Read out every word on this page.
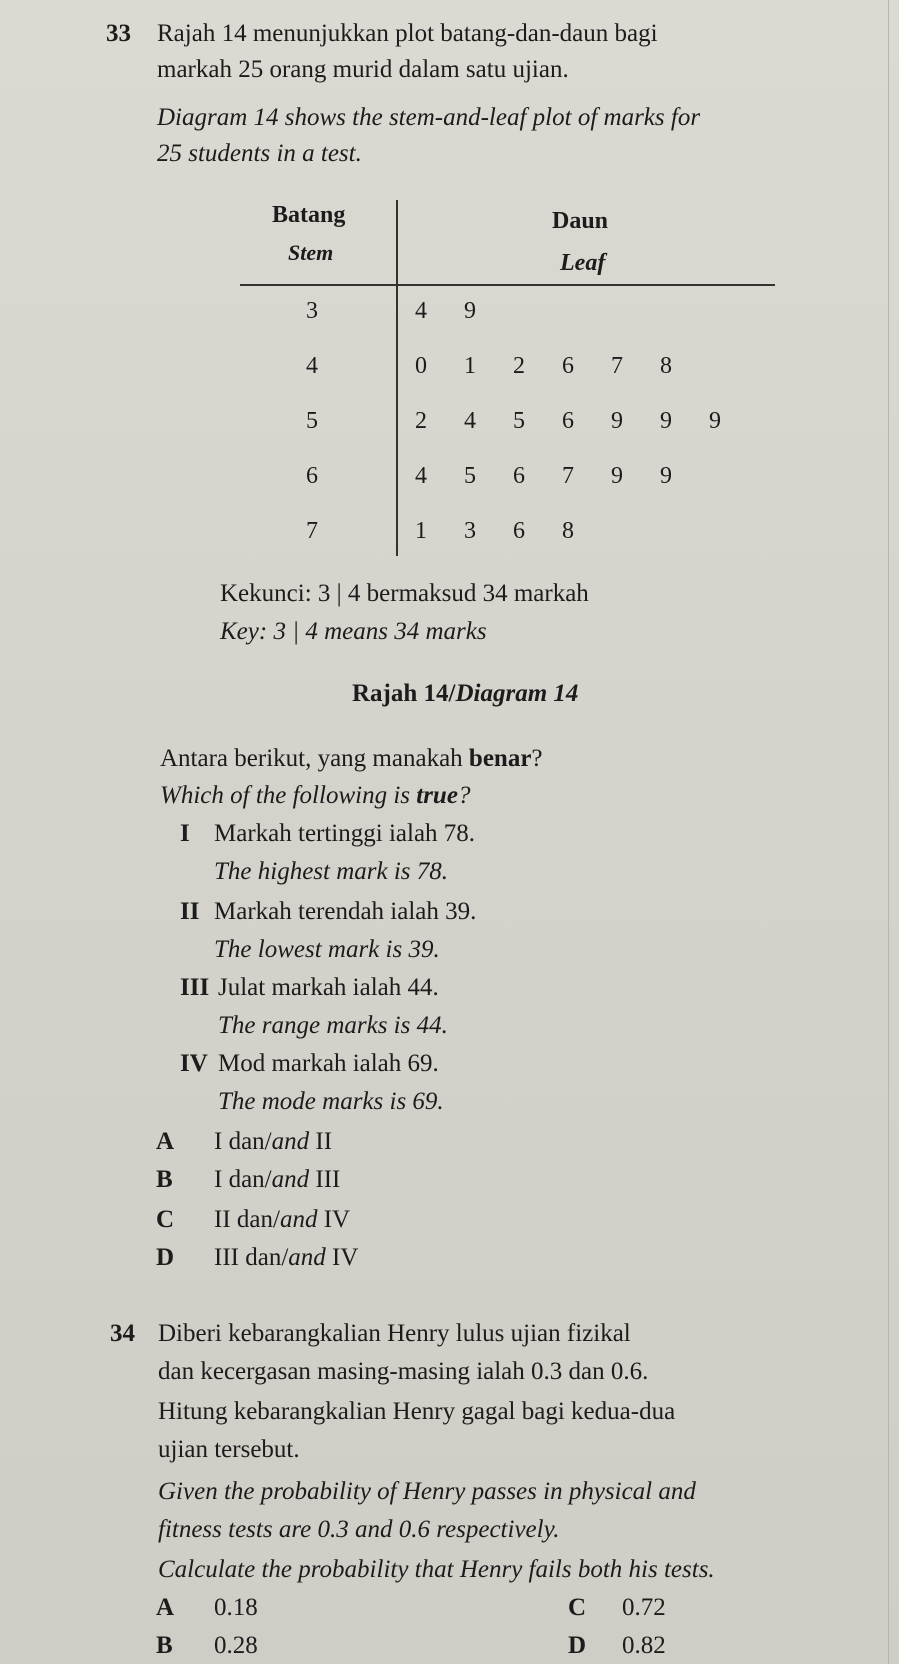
33 Rajah 14 menunjukkan plot batang-dan-daun bagi
markah 25 orang murid dalam satu ujian.
Diagram 14 shows the stem-and-leaf plot of marks for
25 students in a test.
Batang
Stem
Daun
Leaf
3	4 9
4	0 1 2 6 7 8
5	2 4 5 6 9 9 9
6	4 5 6 7 9 9
7	1 3 6 8
Kekunci: 3 | 4 bermaksud 34 markah
Key: 3 | 4 means 34 marks
Rajah 14/Diagram 14
Antara berikut, yang manakah benar?
Which of the following is true?
I Markah tertinggi ialah 78.
The highest mark is 78.
II Markah terendah ialah 39.
The lowest mark is 39.
III Julat markah ialah 44.
The range marks is 44.
IV Mod markah ialah 69.
The mode marks is 69.
A I dan/and II
B I dan/and III
C II dan/and IV
D III dan/and IV
34 Diberi kebarangkalian Henry lulus ujian fizikal
dan kecergasan masing-masing ialah 0.3 dan 0.6.
Hitung kebarangkalian Henry gagal bagi kedua-dua
ujian tersebut.
Given the probability of Henry passes in physical and
fitness tests are 0.3 and 0.6 respectively.
Calculate the probability that Henry fails both his tests.
A 0.18
B 0.28
C 0.72
D 0.82
